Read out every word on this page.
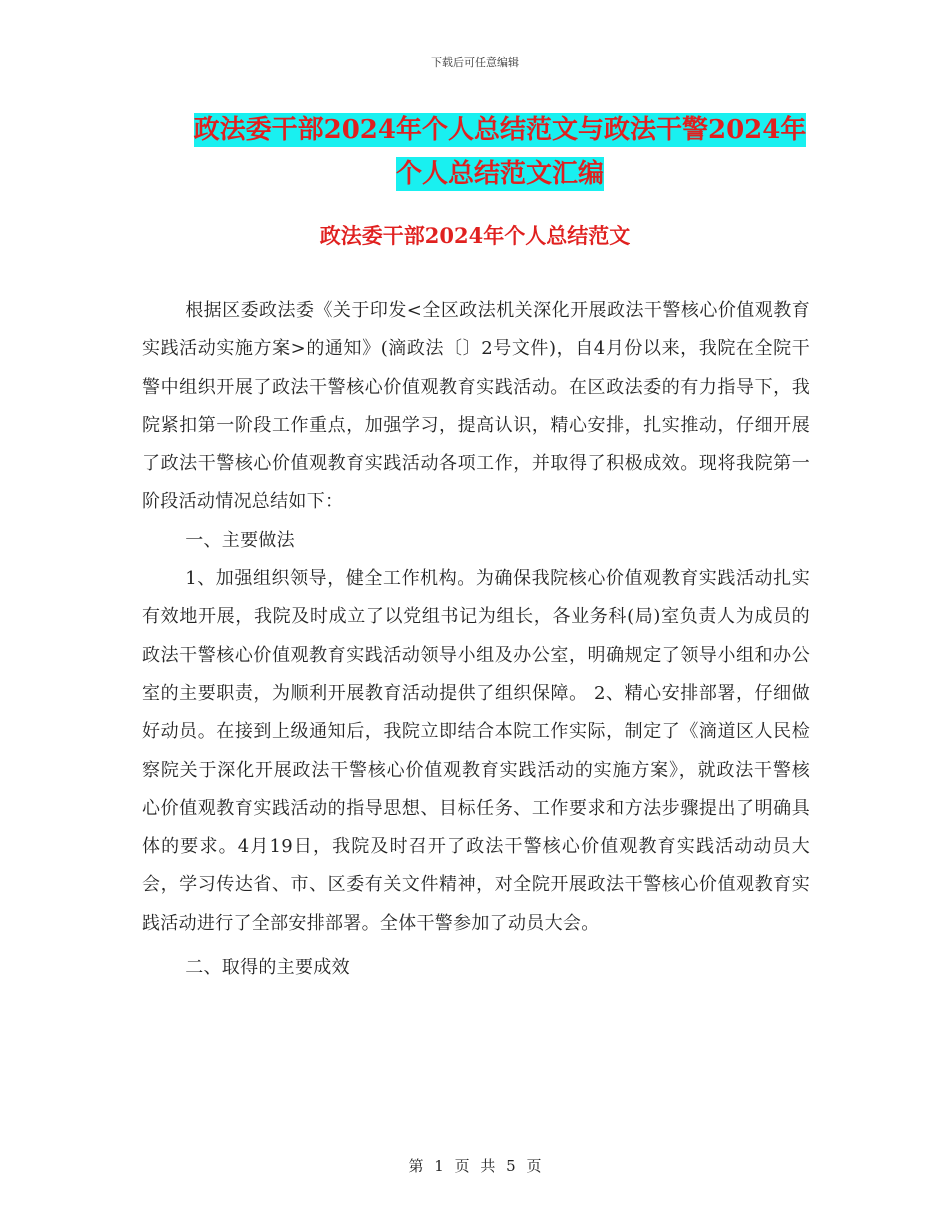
下载后可任意编辑
政法委干部2024年个人总结范文与政法干警2024年
个人总结范文汇编
政法委干部2024年个人总结范文

根据区委政法委《关于印发<全区政法机关深化开展政法干警核心价值观教育实践活动实施方案>的通知》(滴政法〔〕2号文件)，自4月份以来，我院在全院干警中组织开展了政法干警核心价值观教育实践活动。在区政法委的有力指导下，我院紧扣第一阶段工作重点，加强学习，提高认识，精心安排，扎实推动，仔细开展了政法干警核心价值观教育实践活动各项工作，并取得了积极成效。现将我院第一阶段活动情况总结如下：

一、主要做法

1、加强组织领导，健全工作机构。为确保我院核心价值观教育实践活动扎实有效地开展，我院及时成立了以党组书记为组长，各业务科(局)室负责人为成员的政法干警核心价值观教育实践活动领导小组及办公室，明确规定了领导小组和办公室的主要职责，为顺利开展教育活动提供了组织保障。 2、精心安排部署，仔细做好动员。在接到上级通知后，我院立即结合本院工作实际，制定了《滴道区人民检察院关于深化开展政法干警核心价值观教育实践活动的实施方案》，就政法干警核心价值观教育实践活动的指导思想、目标任务、工作要求和方法步骤提出了明确具体的要求。4月19日，我院及时召开了政法干警核心价值观教育实践活动动员大会，学习传达省、市、区委有关文件精神，对全院开展政法干警核心价值观教育实践活动进行了全部安排部署。全体干警参加了动员大会。

二、取得的主要成效

第 1 页 共 5 页
